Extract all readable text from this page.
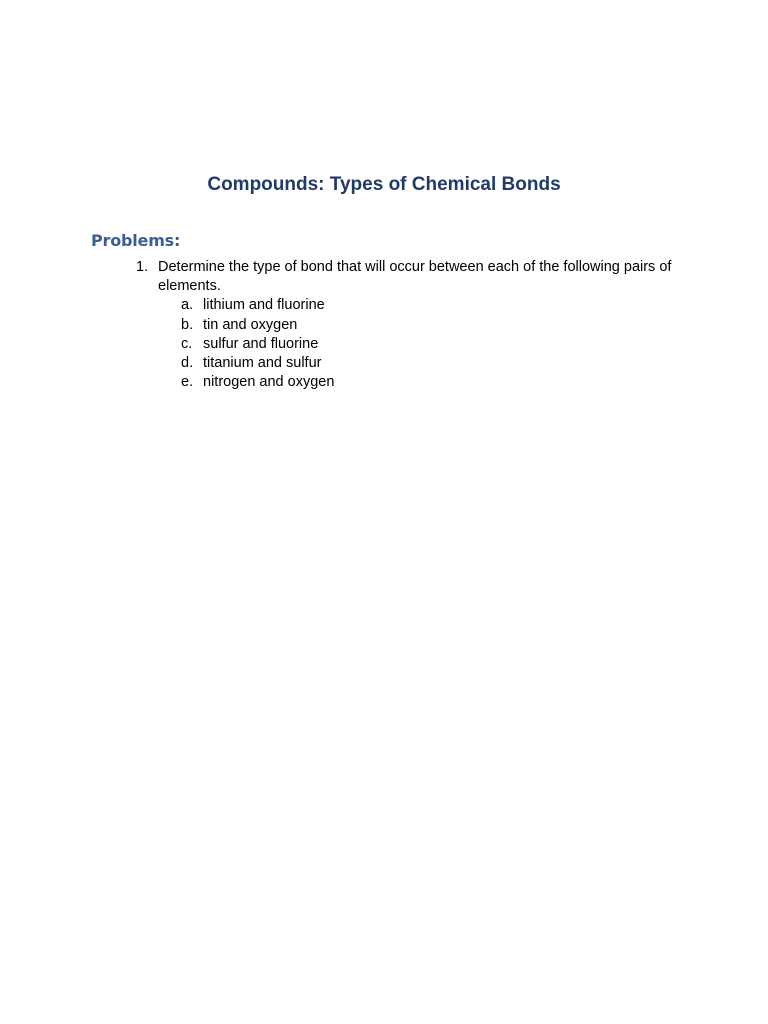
Compounds: Types of Chemical Bonds
Problems:
1. Determine the type of bond that will occur between each of the following pairs of elements.
a. lithium and fluorine
b. tin and oxygen
c. sulfur and fluorine
d. titanium and sulfur
e. nitrogen and oxygen
